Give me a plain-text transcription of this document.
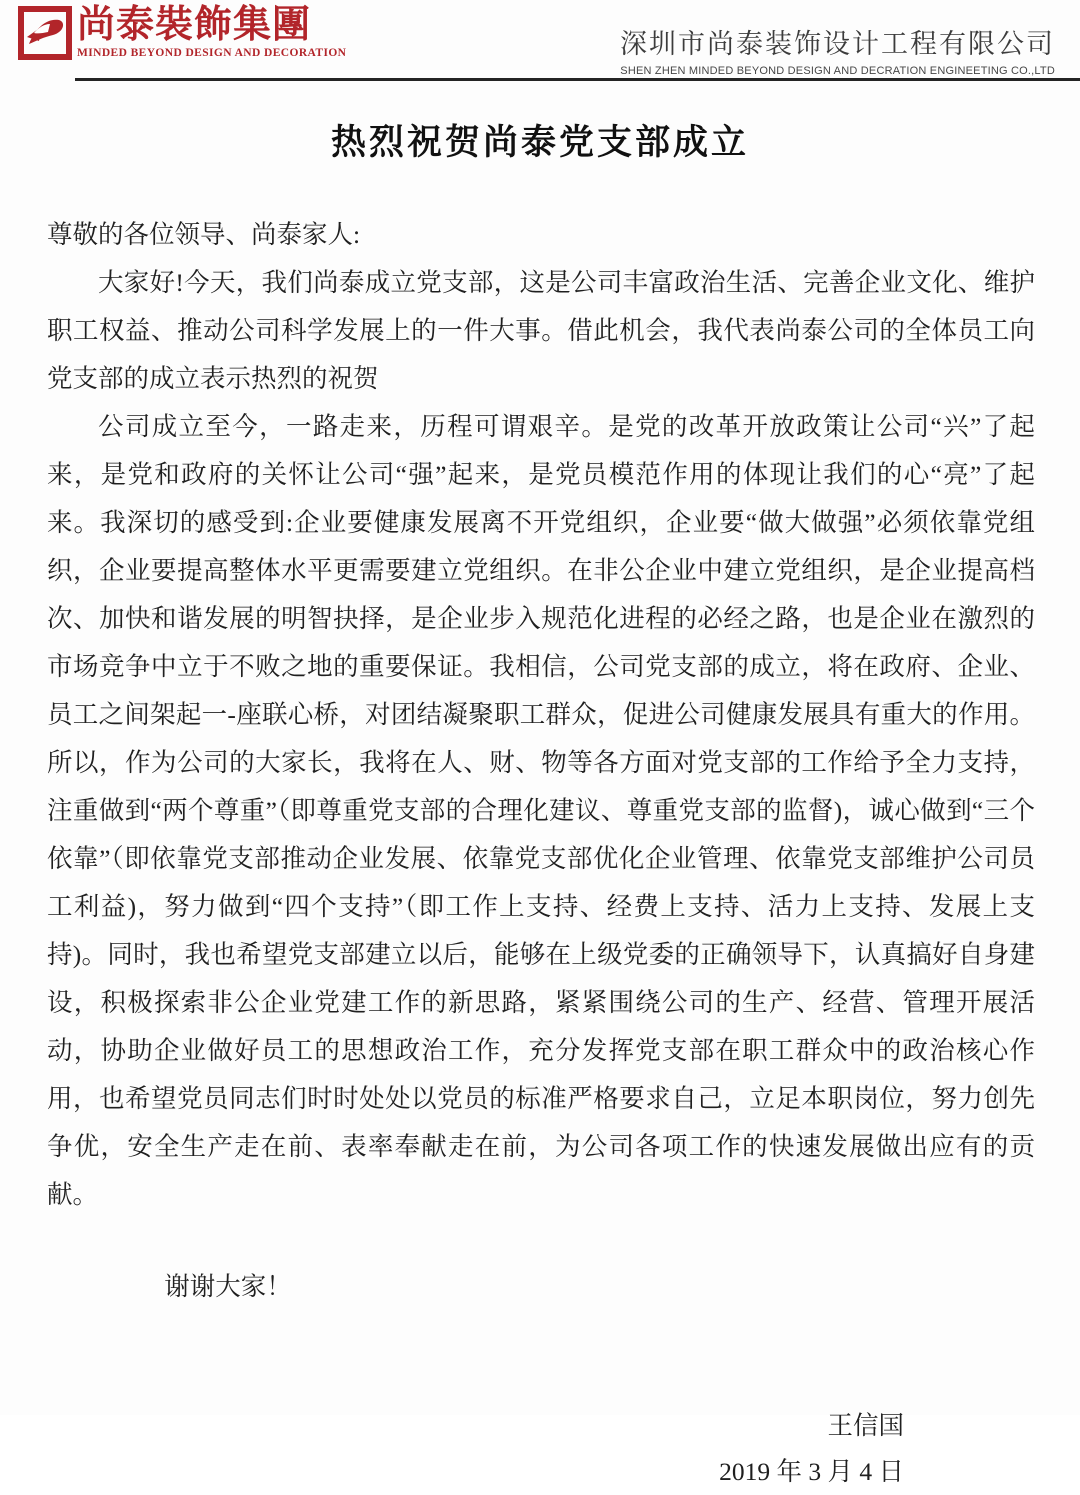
尚泰裝飾集團
MINDED BEYOND DESIGN AND DECORATION	深圳市尚泰装饰设计工程有限公司
SHEN ZHEN MINDED BEYOND DESIGN AND DECRATION ENGINEETING CO.,LTD
热烈祝贺尚泰党支部成立

尊敬的各位领导、尚泰家人:

大家好!今天，我们尚泰成立党支部，这是公司丰富政治生活、完善企业文化、维护职工权益、推动公司科学发展上的一件大事。借此机会，我代表尚泰公司的全体员工向党支部的成立表示热烈的祝贺

公司成立至今，一路走来，历程可谓艰辛。是党的改革开放政策让公司“兴”了起来，是党和政府的关怀让公司“强”起来，是党员模范作用的体现让我们的心“亮”了起来。我深切的感受到:企业要健康发展离不开党组织，企业要“做大做强”必须依靠党组织，企业要提高整体水平更需要建立党组织。在非公企业中建立党组织，是企业提高档次、加快和谐发展的明智抉择，是企业步入规范化进程的必经之路，也是企业在激烈的市场竞争中立于不败之地的重要保证。我相信，公司党支部的成立，将在政府、企业、员工之间架起一-座联心桥，对团结凝聚职工群众，促进公司健康发展具有重大的作用。所以，作为公司的大家长，我将在人、财、物等各方面对党支部的工作给予全力支持，注重做到“两个尊重”（即尊重党支部的合理化建议、尊重党支部的监督)，诚心做到“三个依靠”（即依靠党支部推动企业发展、依靠党支部优化企业管理、依靠党支部维护公司员工利益)，努力做到“四个支持”（即工作上支持、经费上支持、活力上支持、发展上支持)。同时，我也希望党支部建立以后，能够在上级党委的正确领导下，认真搞好自身建设，积极探索非公企业党建工作的新思路，紧紧围绕公司的生产、经营、管理开展活动，协助企业做好员工的思想政治工作，充分发挥党支部在职工群众中的政治核心作用，也希望党员同志们时时处处以党员的标准严格要求自己，立足本职岗位，努力创先争优，安全生产走在前、表率奉献走在前，为公司各项工作的快速发展做出应有的贡献。

谢谢大家！

王信国
2019 年 3 月 4 日
